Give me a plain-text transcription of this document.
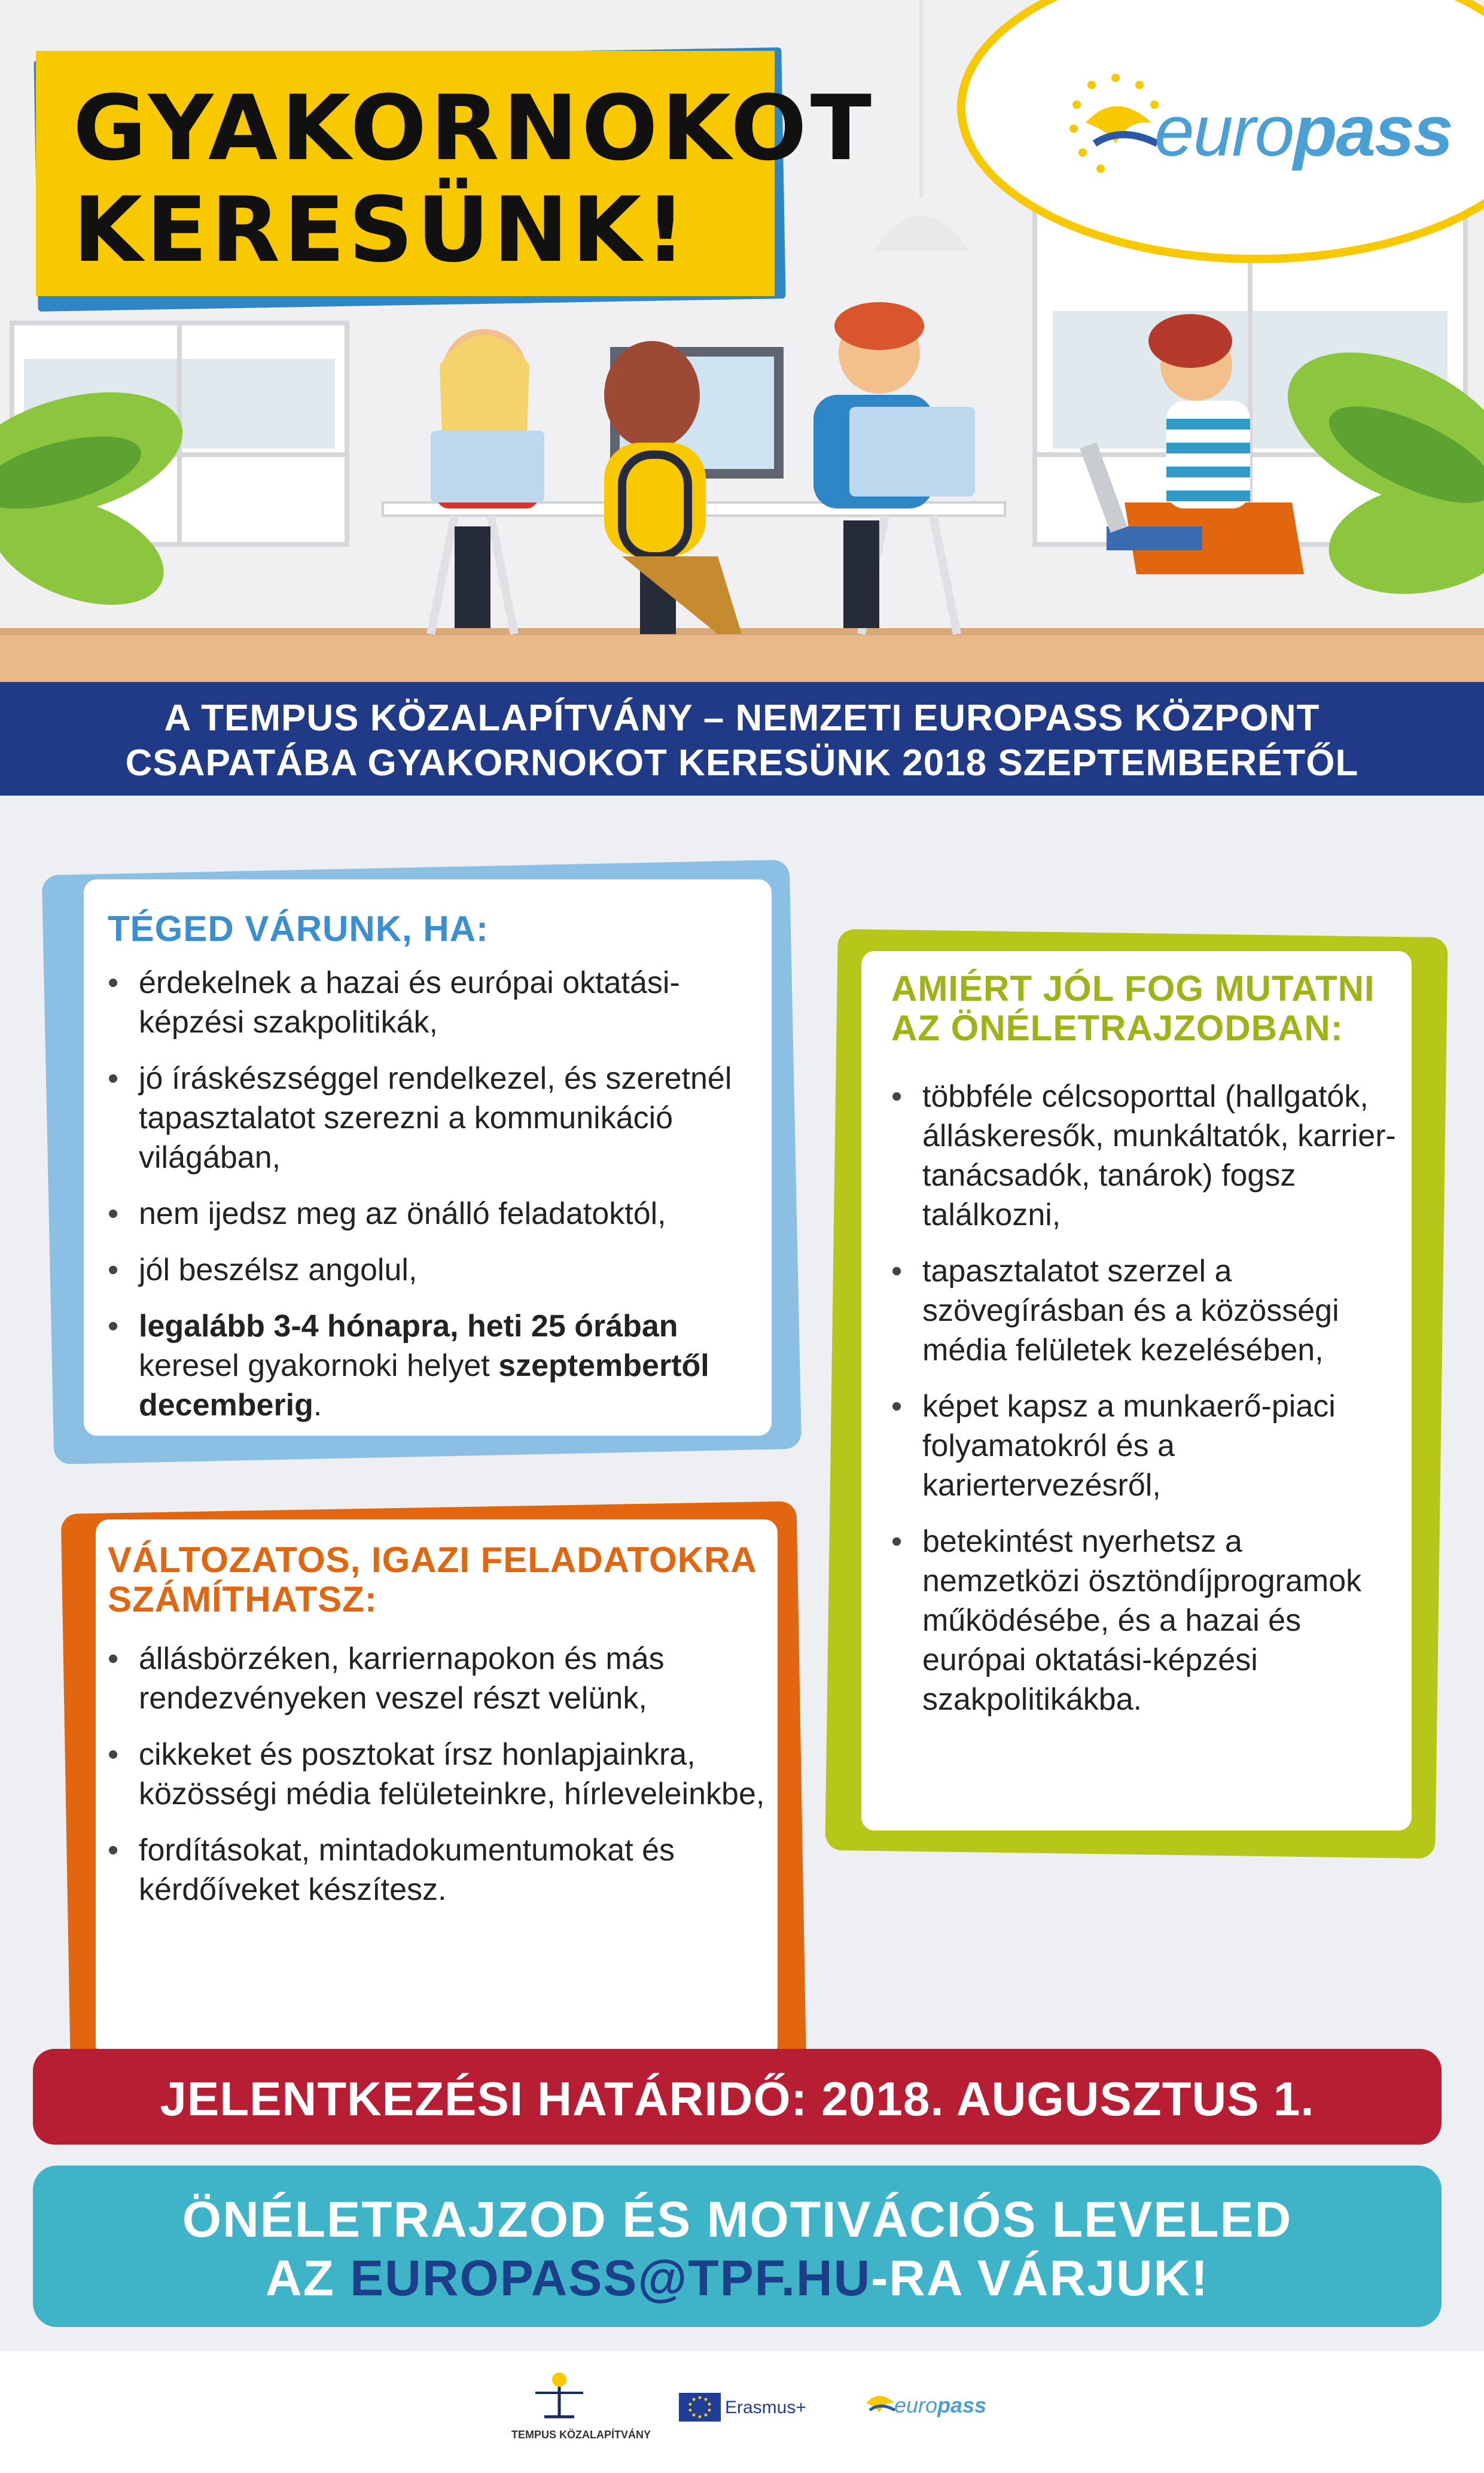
GYAKORNOKOT
KERESÜNK!
europass
A TEMPUS KÖZALAPÍTVÁNY – NEMZETI EUROPASS KÖZPONT
CSAPATÁBA GYAKORNOKOT KERESÜNK 2018 SZEPTEMBERÉTŐL
TÉGED VÁRUNK, HA:
• érdekelnek a hazai és európai oktatási-képzési szakpolitikák,
• jó íráskészséggel rendelkezel, és szeretnél tapasztalatot szerezni a kommunikáció világában,
• nem ijedsz meg az önálló feladatoktól,
• jól beszélsz angolul,
• legalább 3-4 hónapra, heti 25 órában keresel gyakornoki helyet szeptembertől decemberig.
VÁLTOZATOS, IGAZI FELADATOKRA
SZÁMÍTHATSZ:
• állásbörzéken, karriernapokon és más rendezvényeken veszel részt velünk,
• cikkeket és posztokat írsz honlapjainkra, közösségi média felületeinkre, hírleveleinkbe,
• fordításokat, mintadokumentumokat és kérdőíveket készítesz.
AMIÉRT JÓL FOG MUTATNI
AZ ÖNÉLETRAJZODBAN:
• többféle célcsoporttal (hallgatók, álláskeresők, munkáltatók, karrier-tanácsadók, tanárok) fogsz találkozni,
• tapasztalatot szerzel a szövegírásban és a közösségi média felületek kezelésében,
• képet kapsz a munkaerő-piaci folyamatokról és a kariertervezésről,
• betekintést nyerhetsz a nemzetközi ösztöndíjprogramok működésébe, és a hazai és európai oktatási-képzési szakpolitikákba.
JELENTKEZÉSI HATÁRIDŐ: 2018. AUGUSZTUS 1.
ÖNÉLETRAJZOD ÉS MOTIVÁCIÓS LEVELED
AZ EUROPASS@TPF.HU-RA VÁRJUK!
TEMPUS KÖZALAPÍTVÁNY
Erasmus+	europass
